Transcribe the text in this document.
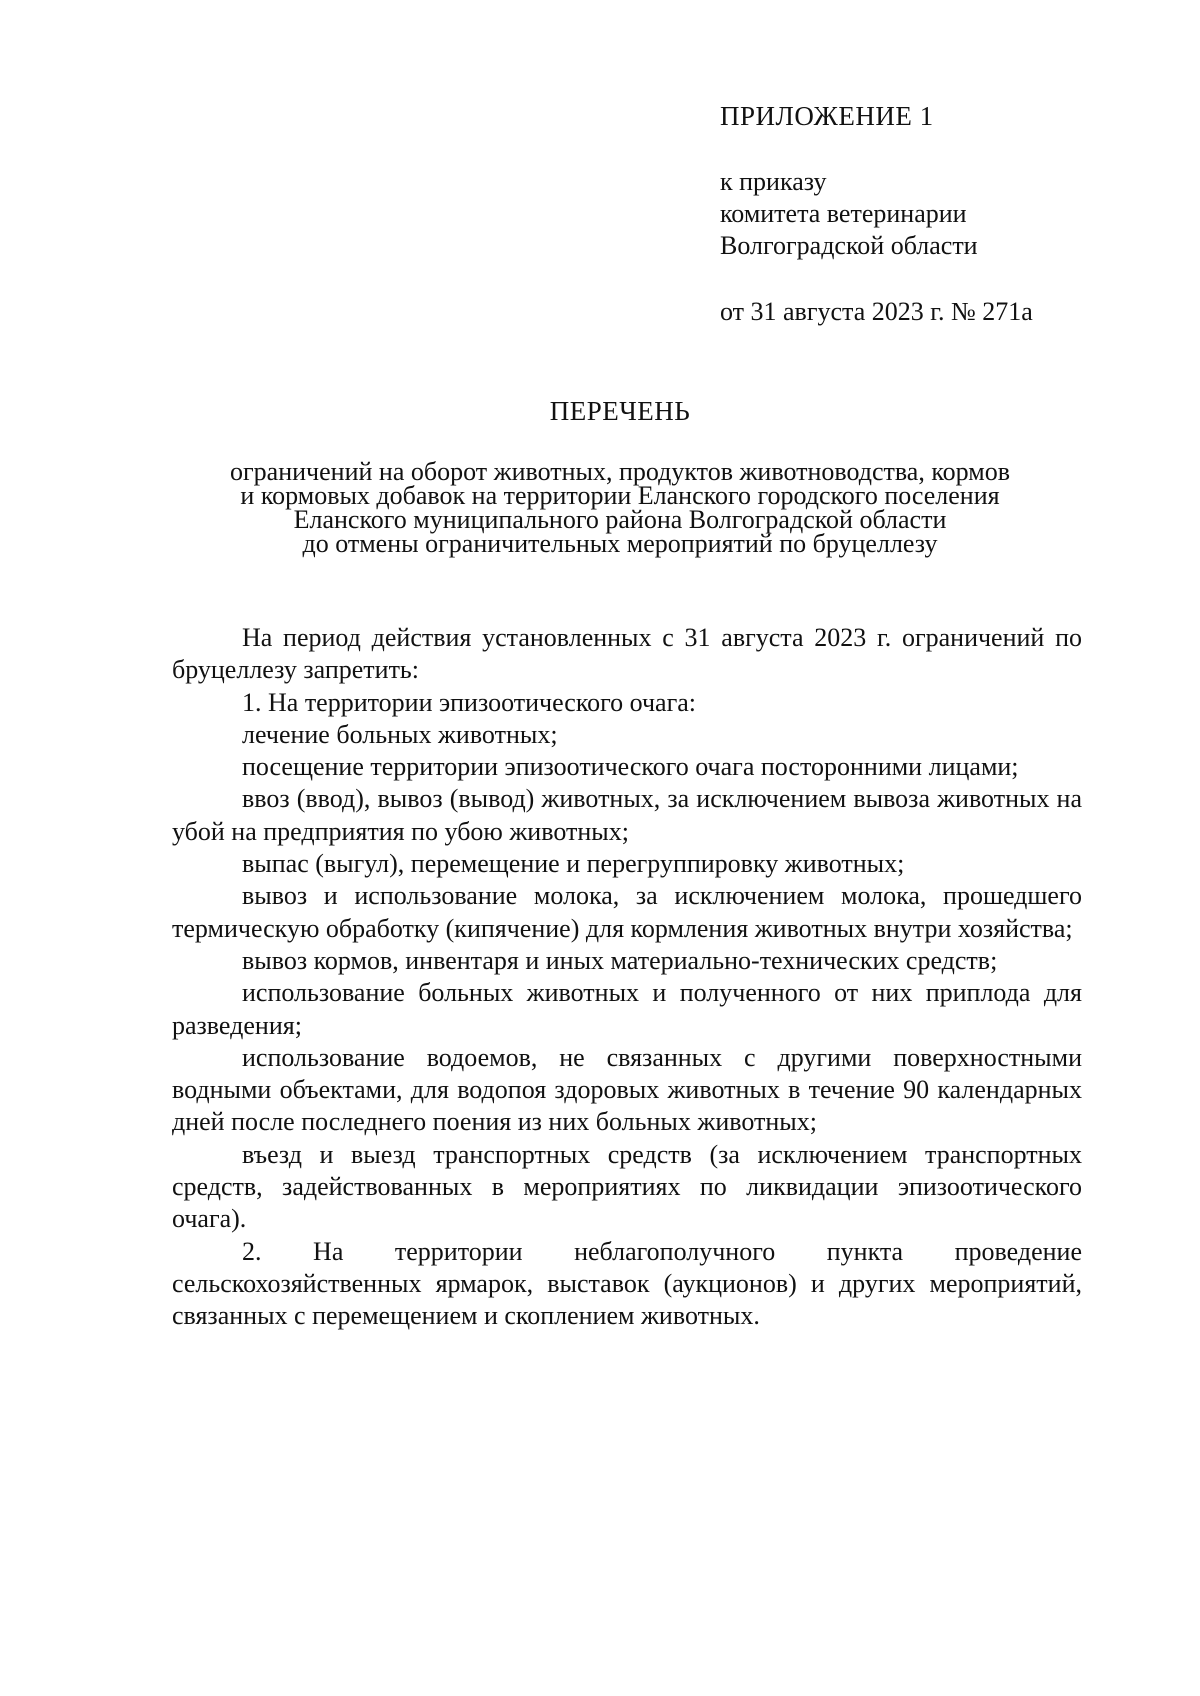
ПРИЛОЖЕНИЕ 1
к приказу
комитета ветеринарии
Волгоградской области
от 31 августа 2023 г. № 271а
ПЕРЕЧЕНЬ
ограничений на оборот животных, продуктов животноводства, кормов
и кормовых добавок на территории Еланского городского поселения
Еланского муниципального района Волгоградской области
до отмены ограничительных мероприятий по бруцеллезу

На период действия установленных с 31 августа 2023 г. ограничений по бруцеллезу запретить:

1. На территории эпизоотического очага:

лечение больных животных;

посещение территории эпизоотического очага посторонними лицами;

ввоз (ввод), вывоз (вывод) животных, за исключением вывоза животных на убой на предприятия по убою животных;

выпас (выгул), перемещение и перегруппировку животных;

вывоз и использование молока, за исключением молока, прошедшего термическую обработку (кипячение) для кормления животных внутри хозяйства;

вывоз кормов, инвентаря и иных материально-технических средств;

использование больных животных и полученного от них приплода для разведения;

использование водоемов, не связанных с другими поверхностными водными объектами, для водопоя здоровых животных в течение 90 календарных дней после последнего поения из них больных животных;

въезд и выезд транспортных средств (за исключением транспортных средств, задействованных в мероприятиях по ликвидации эпизоотического очага).

2. На территории неблагополучного пункта проведение сельскохозяйственных ярмарок, выставок (аукционов) и других мероприятий, связанных с перемещением и скоплением животных.
